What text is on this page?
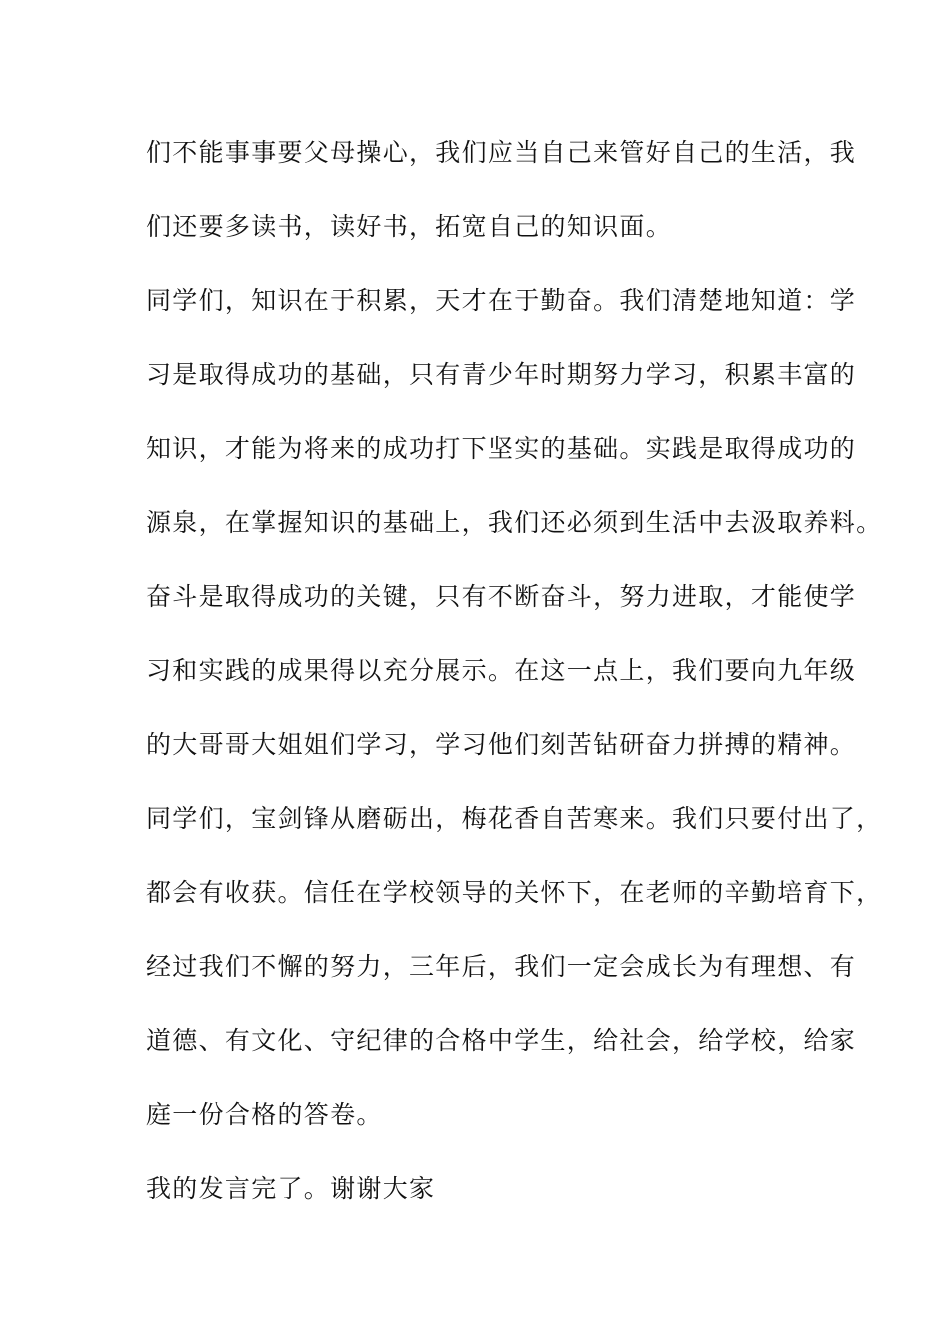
们不能事事要父母操心，我们应当自己来管好自己的生活，我
们还要多读书，读好书，拓宽自己的知识面。
同学们，知识在于积累，天才在于勤奋。我们清楚地知道：学
习是取得成功的基础，只有青少年时期努力学习，积累丰富的
知识，才能为将来的成功打下坚实的基础。实践是取得成功的
源泉，在掌握知识的基础上，我们还必须到生活中去汲取养料。
奋斗是取得成功的关键，只有不断奋斗，努力进取，才能使学
习和实践的成果得以充分展示。在这一点上，我们要向九年级
的大哥哥大姐姐们学习，学习他们刻苦钻研奋力拼搏的精神。
同学们，宝剑锋从磨砺出，梅花香自苦寒来。我们只要付出了，
都会有收获。信任在学校领导的关怀下，在老师的辛勤培育下，
经过我们不懈的努力，三年后，我们一定会成长为有理想、有
道德、有文化、守纪律的合格中学生，给社会，给学校，给家
庭一份合格的答卷。
我的发言完了。谢谢大家
